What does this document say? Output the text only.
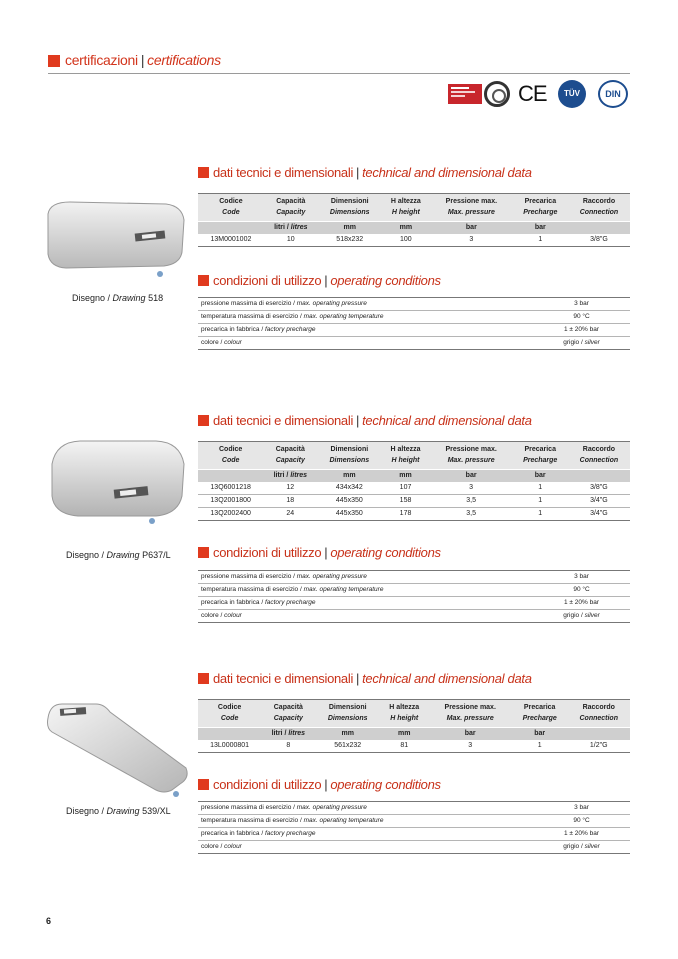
certificazioni | certifications
CE	TÜV	DIN
Disegno / Drawing 518
dati tecnici e dimensionali | technical and dimensional data
Codice	Capacità	Dimensioni	H altezza	Pressione max.	Precarica	Raccordo
Code	Capacity	Dimensions	H height	Max. pressure	Precharge	Connection
	litri / litres	mm	mm	bar	bar	
13M0001002	10	518x232	100	3	1	3/8"G
condizioni di utilizzo | operating conditions
pressione massima di esercizio / max. operating pressure	3 bar
temperatura massima di esercizio / max. operating temperature	90 °C
precarica in fabbrica / factory precharge	1 ± 20% bar
colore / colour	grigio / silver
Disegno / Drawing P637/L
dati tecnici e dimensionali | technical and dimensional data
Codice	Capacità	Dimensioni	H altezza	Pressione max.	Precarica	Raccordo
Code	Capacity	Dimensions	H height	Max. pressure	Precharge	Connection
	litri / litres	mm	mm	bar	bar	
13Q6001218	12	434x342	107	3	1	3/8"G
13Q2001800	18	445x350	158	3,5	1	3/4"G
13Q2002400	24	445x350	178	3,5	1	3/4"G
condizioni di utilizzo | operating conditions
pressione massima di esercizio / max. operating pressure	3 bar
temperatura massima di esercizio / max. operating temperature	90 °C
precarica in fabbrica / factory precharge	1 ± 20% bar
colore / colour	grigio / silver
Disegno / Drawing 539/XL
dati tecnici e dimensionali | technical and dimensional data
Codice	Capacità	Dimensioni	H altezza	Pressione max.	Precarica	Raccordo
Code	Capacity	Dimensions	H height	Max. pressure	Precharge	Connection
	litri / litres	mm	mm	bar	bar	
13L0000801	8	561x232	81	3	1	1/2"G
condizioni di utilizzo | operating conditions
pressione massima di esercizio / max. operating pressure	3 bar
temperatura massima di esercizio / max. operating temperature	90 °C
precarica in fabbrica / factory precharge	1 ± 20% bar
colore / colour	grigio / silver
6
